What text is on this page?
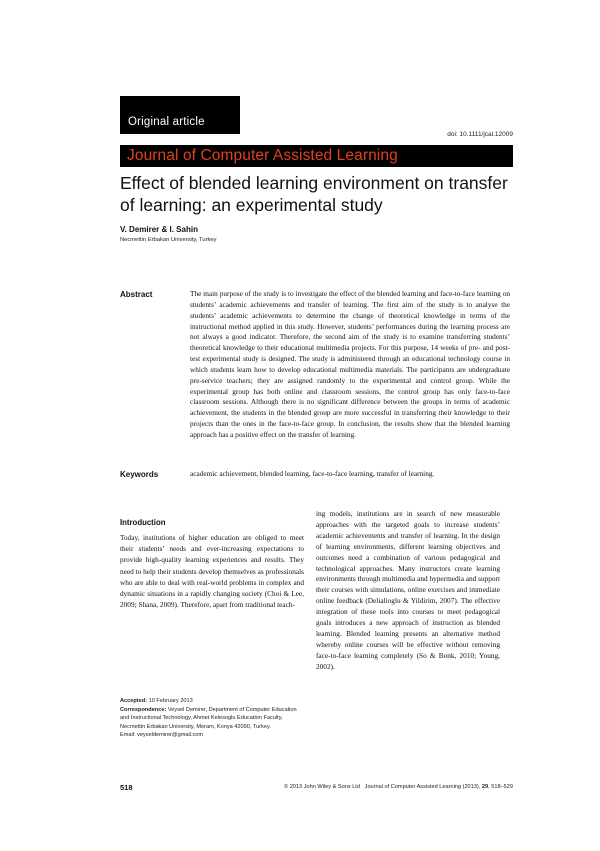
Original article
doi: 10.1111/jcal.12009
Journal of Computer Assisted Learning
Effect of blended learning environment on transfer of learning: an experimental study
V. Demirer & I. Sahin
Necmettin Erbakan University, Turkey
Abstract	The main purpose of the study is to investigate the effect of the blended learning and face-to-face learning on students’ academic achievements and transfer of learning. The first aim of the study is to analyse the students’ academic achievements to determine the change of theoretical knowledge in terms of the instructional method applied in this study. However, students’ performances during the learning process are not always a good indicator. Therefore, the second aim of the study is to examine transferring students’ theoretical knowledge to their educational multimedia projects. For this purpose, 14 weeks of pre- and post-test experimental study is designed. The study is administered through an educational technology course in which students learn how to develop educational multimedia materials. The participants are undergraduate pre-service teachers; they are assigned randomly to the experimental and control group. While the experimental group has both online and classroom sessions, the control group has only face-to-face classroom sessions. Although there is no significant difference between the groups in terms of academic achievement, the students in the blended group are more successful in transferring their knowledge to their projects than the ones in the face-to-face group. In conclusion, the results show that the blended learning approach has a positive effect on the transfer of learning.

Keywords	academic achievement, blended learning, face-to-face learning, transfer of learning.

Introduction

Today, institutions of higher education are obliged to meet their students’ needs and ever-increasing expectations to provide high-quality learning experiences and results. They need to help their students develop themselves as professionals who are able to deal with real-world problems in complex and dynamic situations in a rapidly changing society (Choi & Lee, 2009; Shana, 2009). Therefore, apart from traditional teach-

ing models, institutions are in search of new measurable approaches with the targeted goals to increase students’ academic achievements and transfer of learning. In the design of learning environments, different learning objectives and outcomes need a combination of various pedagogical and technological approaches. Many instructors create learning environments through multimedia and hypermedia and support their courses with simulations, online exercises and immediate online feedback (Delialioglu & Yildirim, 2007). The effective integration of these tools into courses to meet pedagogical goals introduces a new approach of instruction as blended learning. Blended learning presents an alternative method whereby online courses will be effective without removing face-to-face learning completely (So & Bonk, 2010; Young, 2002).

Accepted: 10 February 2013
Correspondence: Veysel Demirer, Department of Computer Education and Instructional Technology, Ahmet Kelesoglu Education Faculty, Necmettin Erbakan University, Meram, Konya 42090, Turkey.
Email: veyseldemirer@gmail.com
518	© 2013 John Wiley & Sons Ltd Journal of Computer Assisted Learning (2013), 29, 518–529
